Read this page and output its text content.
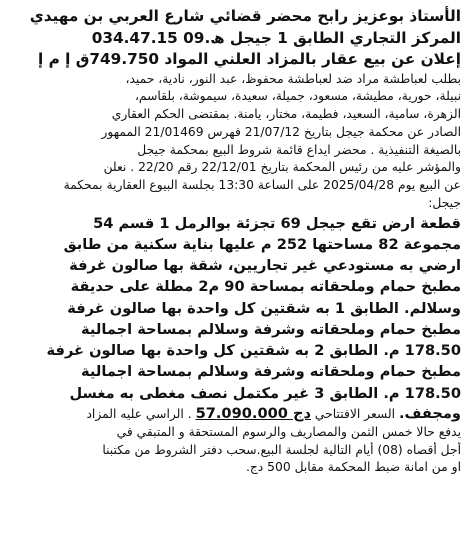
الأستاذ بوعزيز رابح محضر قضائي شارع العربي بن مهيدي
المركز التجاري الطابق 1 جيجل ھ.09 034.47.15
إعلان عن بيع عقار بالمزاد العلني المواد 749.750ق إ م إ
بطلب لعباطشة مراد ضد لعباطشة محفوظ، عبد النور، نادية، حميد،
نبيلة، حورية، مطيشة، مسعود، جميلة، سعيدة، سيموشة، بلقاسم،
الزهرة، سامية، السعيد، فطيمة، مختار، يامنة. بمقتضى الحكم العقاري
الصادر عن محكمة جيجل بتاريخ 21/07/12 فهرس 21/01469 الممهور
بالصيغة التنفيذية . محضر ايداع قائمة شروط البيع بمحكمة جيجل
والمؤشر عليه من رئيس المحكمة بتاريخ 22/12/01 رقم 22/20 . نعلن
عن البيع يوم 2025/04/28 على الساعة 13:30 بجلسة البيوع العقارية بمحكمة
جيجل:
قطعة ارض تقع جيجل 69 تجزئة بوالرمل 1 قسم 54
مجموعة 82 مساحتها 252 م عليها بناية سكنية من طابق
ارضي به مستودعي غير تجاريين، شقة بها صالون غرفة
مطبخ حمام وملحقاته بمساحة 90 م2 مطلة على حديقة
وسلالم. الطابق 1 به شقتين كل واحدة بها صالون غرفة
مطبخ حمام وملحقاته وشرفة وسلالم بمساحة اجمالية
178.50 م. الطابق 2 به شقتين كل واحدة بها صالون غرفة
مطبخ حمام وملحقاته وشرفة وسلالم بمساحة اجمالية
178.50 م. الطابق 3 غير مكتمل نصف مغطى به مغسل
ومجفف. السعر الافتتاحي 57.090.000 دج . الراسي عليه المزاد
يدفع حالا خمس الثمن والمصاريف والرسوم المستحقة و المتبقي في
أجل أقصاه (08) أيام التالية لجلسة البيع.سحب دفتر الشروط من مكتبنا
او من امانة ضبط المحكمة مقابل 500 دج.
